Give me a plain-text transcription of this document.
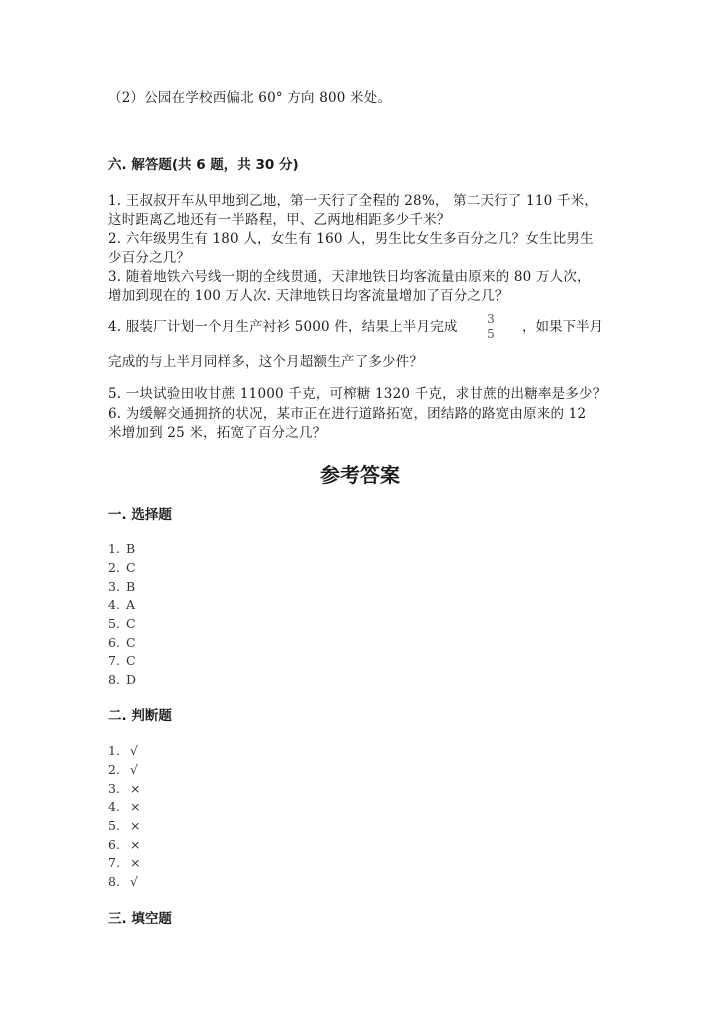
（2）公园在学校西偏北 60° 方向 800 米处。
六. 解答题(共 6 题，共 30 分)
1. 王叔叔开车从甲地到乙地，第一天行了全程的 28%， 第二天行了 110 千米，
这时距离乙地还有一半路程，甲、乙两地相距多少千米？
2. 六年级男生有 180 人，女生有 160 人，男生比女生多百分之几？女生比男生
少百分之几？
3. 随着地铁六号线一期的全线贯通，天津地铁日均客流量由原来的 80 万人次，
增加到现在的 100 万人次. 天津地铁日均客流量增加了百分之几？
4. 服装厂计划一个月生产衬衫 5000 件，结果上半月完成 3
5 ，如果下半月
完成的与上半月同样多，这个月超额生产了多少件？
5. 一块试验田收甘蔗 11000 千克，可榨糖 1320 千克，求甘蔗的出糖率是多少？
6. 为缓解交通拥挤的状况，某市正在进行道路拓宽，团结路的路宽由原来的 12
米增加到 25 米，拓宽了百分之几？
参考答案
一. 选择题
1. B
2. C
3. B
4. A
5. C
6. C
7. C
8. D
二. 判断题
1. √
2. √
3. ×
4. ×
5. ×
6. ×
7. ×
8. √
三. 填空题
